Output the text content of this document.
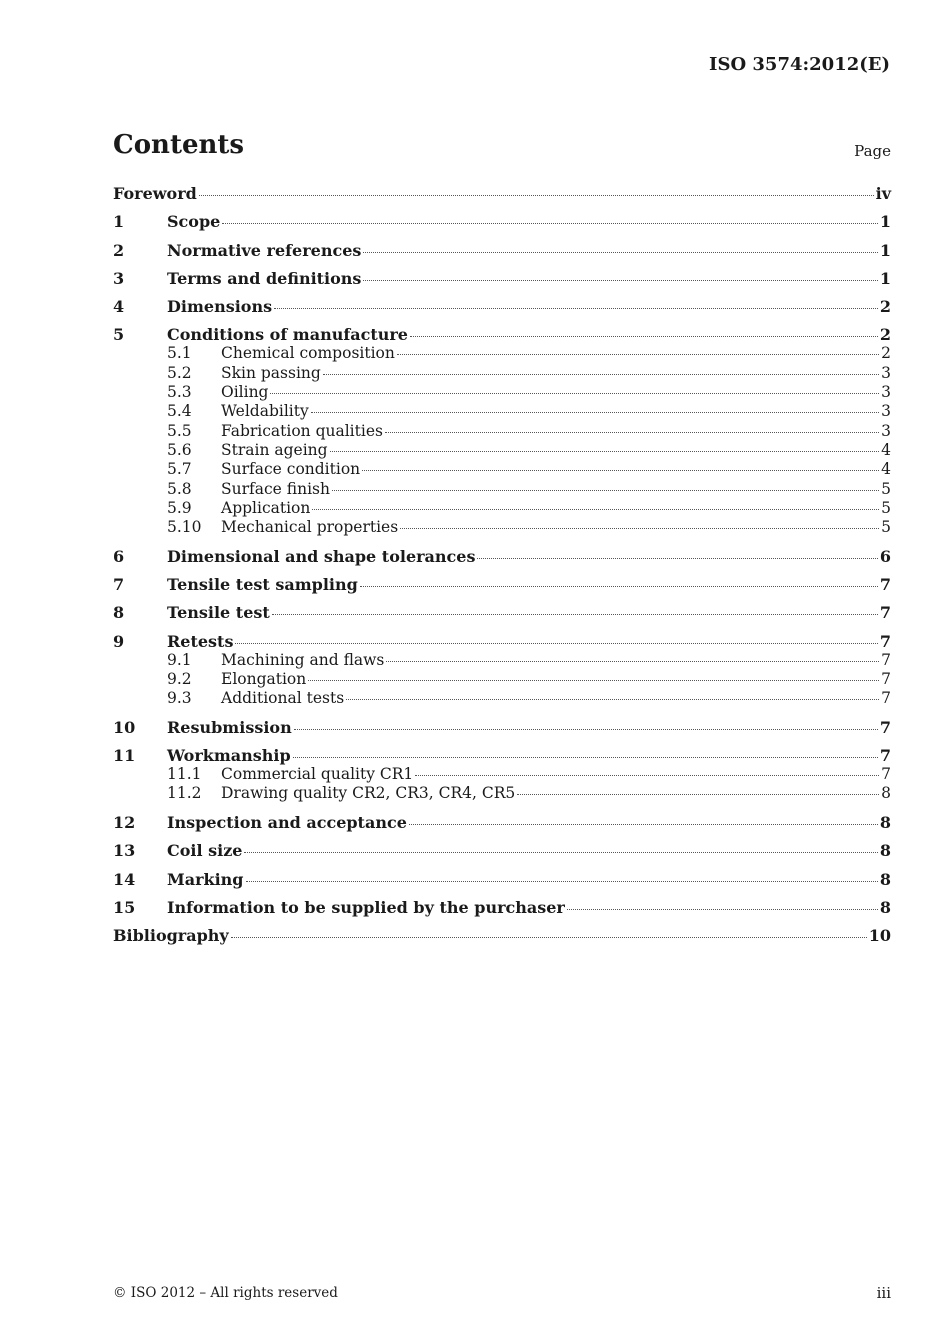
ISO 3574:2012(E)
Contents	Page
Foreword	iv
1	Scope	1
2	Normative references	1
3	Terms and definitions	1
4	Dimensions	2
5	Conditions of manufacture	2
5.1	Chemical composition	2
5.2	Skin passing	3
5.3	Oiling	3
5.4	Weldability	3
5.5	Fabrication qualities	3
5.6	Strain ageing	4
5.7	Surface condition	4
5.8	Surface finish	5
5.9	Application	5
5.10	Mechanical properties	5
6	Dimensional and shape tolerances	6
7	Tensile test sampling	7
8	Tensile test	7
9	Retests	7
9.1	Machining and flaws	7
9.2	Elongation	7
9.3	Additional tests	7
10	Resubmission	7
11	Workmanship	7
11.1	Commercial quality CR1	7
11.2	Drawing quality CR2, CR3, CR4, CR5	8
12	Inspection and acceptance	8
13	Coil size	8
14	Marking	8
15	Information to be supplied by the purchaser	8
Bibliography	10
© ISO 2012 – All rights reserved	iii
